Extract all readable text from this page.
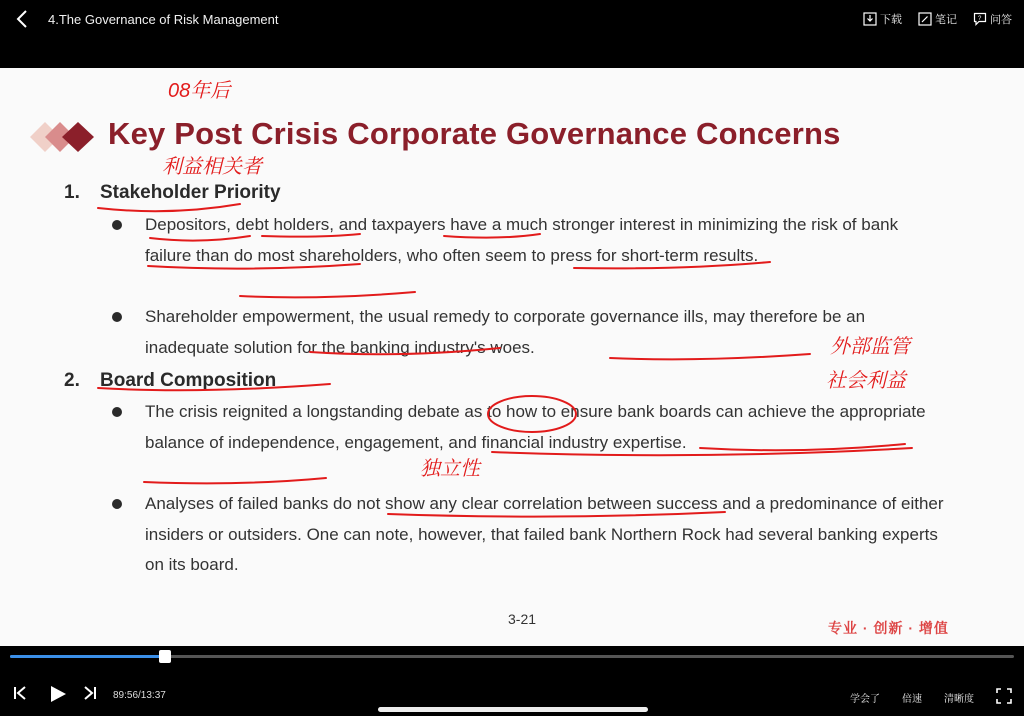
4.The Governance of Risk Management	下载	笔记	? 问答
Key Post Crisis Corporate Governance Concerns
1. Stakeholder Priority
Depositors, debt holders, and taxpayers have a much stronger interest in minimizing the risk of bank failure than do most shareholders, who often seem to press for short-term results.
Shareholder empowerment, the usual remedy to corporate governance ills, may therefore be an inadequate solution for the banking industry's woes.
2. Board Composition
The crisis reignited a longstanding debate as to how to ensure bank boards can achieve the appropriate balance of independence, engagement, and financial industry expertise.
Analyses of failed banks do not show any clear correlation between success and a predominance of either insiders or outsiders. One can note, however, that failed bank Northern Rock had several banking experts on its board.
3-21
专业 · 创新 · 增值
08年后
利益相关者
外部监管
社会利益
独立性
89:56/13:37	学会了 倍速 清晰度
